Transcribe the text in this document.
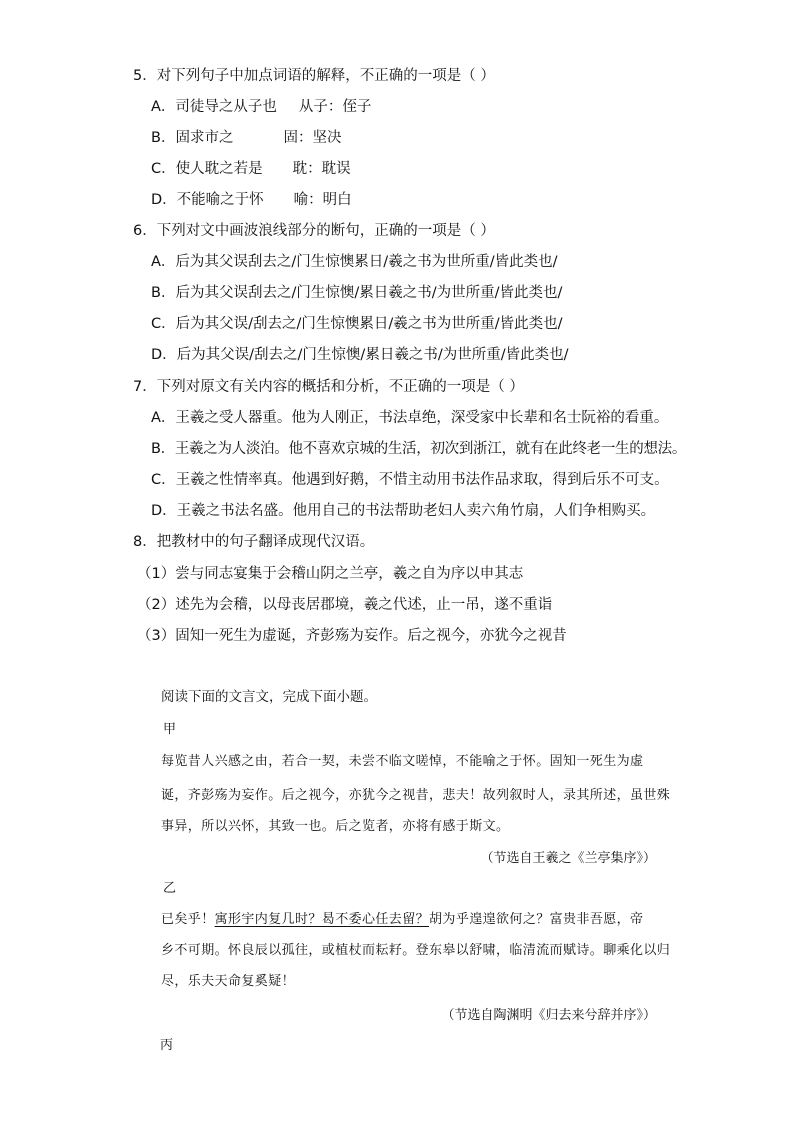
5．对下列句子中加点词语的解释，不正确的一项是（ ）
A．司徒导之从子也 从子：侄子
B．固求市之	固：坚决
C．使人耽之若是 耽：耽误
D．不能喻之于怀 喻：明白
6．下列对文中画波浪线部分的断句，正确的一项是（ ）
A．后为其父误刮去之/门生惊懊累日/羲之书为世所重/皆此类也/
B．后为其父误刮去之/门生惊懊/累日羲之书/为世所重/皆此类也/
C．后为其父误/刮去之/门生惊懊累日/羲之书为世所重/皆此类也/
D．后为其父误/刮去之/门生惊懊/累日羲之书/为世所重/皆此类也/
7．下列对原文有关内容的概括和分析，不正确的一项是（ ）
A．王羲之受人器重。他为人刚正，书法卓绝，深受家中长辈和名士阮裕的看重。
B．王羲之为人淡泊。他不喜欢京城的生活，初次到浙江，就有在此终老一生的想法。
C．王羲之性情率真。他遇到好鹅，不惜主动用书法作品求取，得到后乐不可支。
D．王羲之书法名盛。他用自己的书法帮助老妇人卖六角竹扇，人们争相购买。
8．把教材中的句子翻译成现代汉语。
（1）尝与同志宴集于会稽山阴之兰亭，羲之自为序以申其志
（2）述先为会稽，以母丧居郡境，羲之代述，止一吊，遂不重诣
（3）固知一死生为虚诞，齐彭殇为妄作。后之视今，亦犹今之视昔
阅读下面的文言文，完成下面小题。
甲
每览昔人兴感之由，若合一契，未尝不临文嗟悼，不能喻之于怀。固知一死生为虚
诞，齐彭殇为妄作。后之视今，亦犹今之视昔，悲夫！故列叙时人，录其所述，虽世殊
事异，所以兴怀，其致一也。后之览者，亦将有感于斯文。
（节选自王羲之《兰亭集序》）
乙
已矣乎！寓形宇内复几时？曷不委心任去留？胡为乎遑遑欲何之？富贵非吾愿，帝
乡不可期。怀良辰以孤往，或植杖而耘耔。登东皋以舒啸，临清流而赋诗。聊乘化以归
尽，乐夫天命复奚疑！
（节选自陶渊明《归去来兮辞并序》）
丙
